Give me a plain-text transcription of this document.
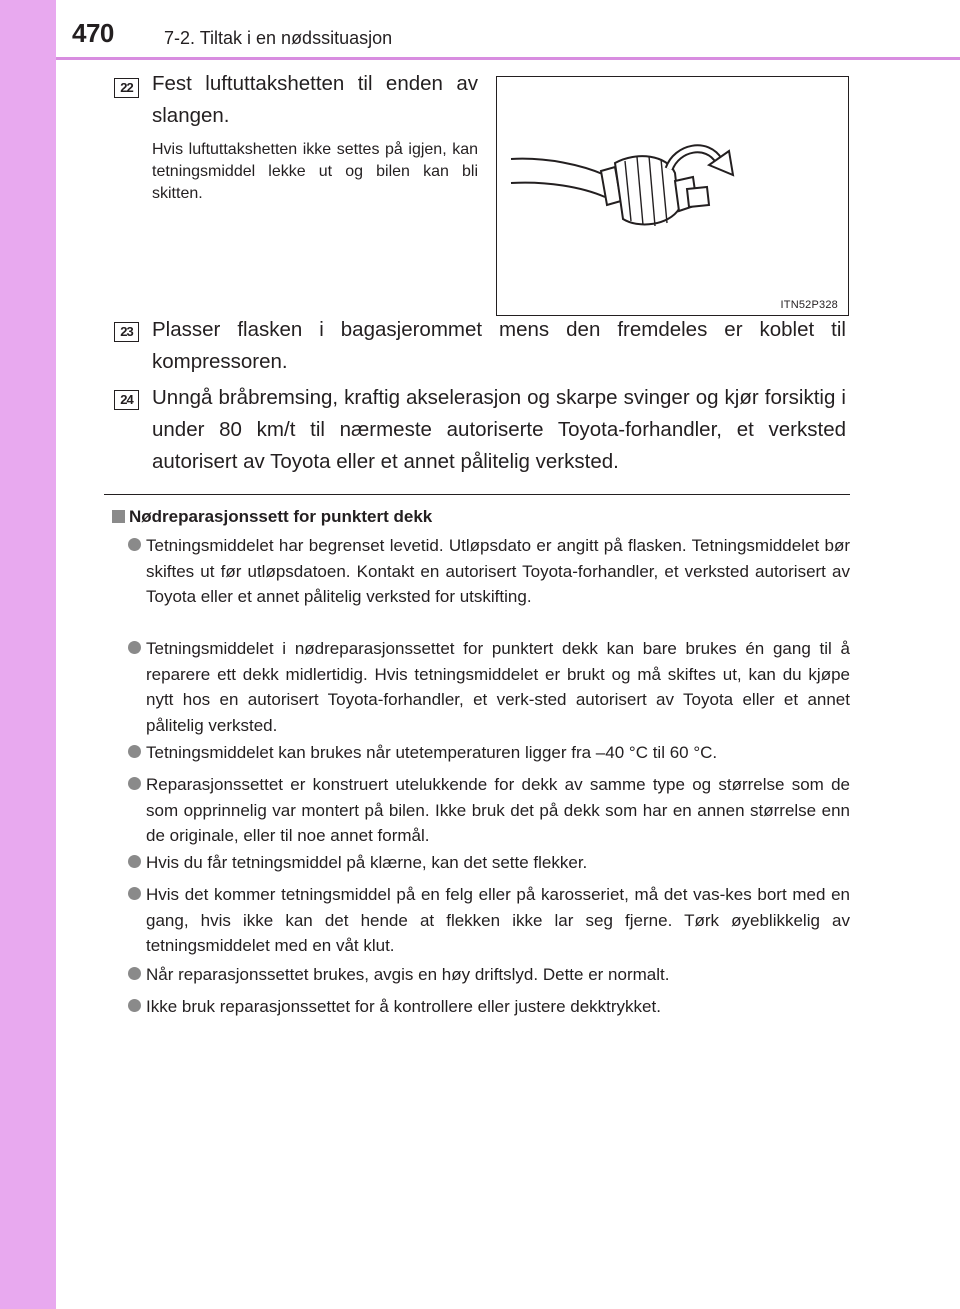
470	7-2. Tiltak i en nødssituasjon
22 Fest luftuttakshetten til enden av slangen.
Hvis luftuttakshetten ikke settes på igjen, kan tetningsmiddel lekke ut og bilen kan bli skitten.
ITN52P328
23 Plasser flasken i bagasjerommet mens den fremdeles er koblet til kompressoren.
24 Unngå bråbremsing, kraftig akselerasjon og skarpe svinger og kjør forsiktig i under 80 km/t til nærmeste autoriserte Toyota-forhandler, et verksted autorisert av Toyota eller et annet pålitelig verksted.
Nødreparasjonssett for punktert dekk
Tetningsmiddelet har begrenset levetid. Utløpsdato er angitt på flasken. Tetningsmiddelet bør skiftes ut før utløpsdatoen. Kontakt en autorisert Toyota-forhandler, et verksted autorisert av Toyota eller et annet pålitelig verksted for utskifting.
Tetningsmiddelet i nødreparasjonssettet for punktert dekk kan bare brukes én gang til å reparere ett dekk midlertidig. Hvis tetningsmiddelet er brukt og må skiftes ut, kan du kjøpe nytt hos en autorisert Toyota-forhandler, et verk-sted autorisert av Toyota eller et annet pålitelig verksted.
Tetningsmiddelet kan brukes når utetemperaturen ligger fra –40 °C til 60 °C.
Reparasjonssettet er konstruert utelukkende for dekk av samme type og størrelse som de som opprinnelig var montert på bilen. Ikke bruk det på dekk som har en annen størrelse enn de originale, eller til noe annet formål.
Hvis du får tetningsmiddel på klærne, kan det sette flekker.
Hvis det kommer tetningsmiddel på en felg eller på karosseriet, må det vas-kes bort med en gang, hvis ikke kan det hende at flekken ikke lar seg fjerne. Tørk øyeblikkelig av tetningsmiddelet med en våt klut.
Når reparasjonssettet brukes, avgis en høy driftslyd. Dette er normalt.
Ikke bruk reparasjonssettet for å kontrollere eller justere dekktrykket.
